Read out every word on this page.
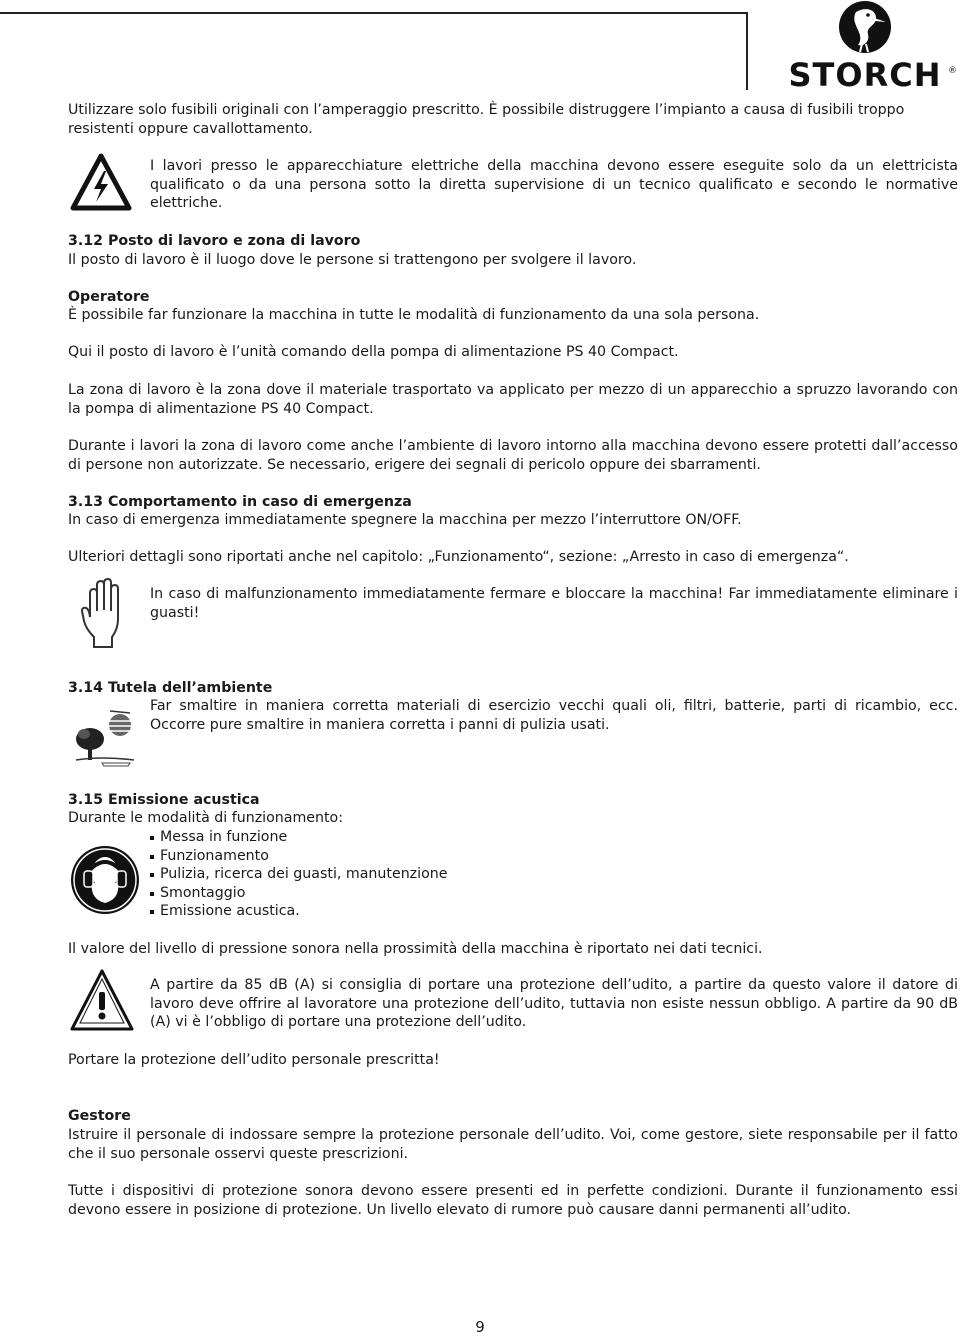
STORCH ®

Utilizzare solo fusibili originali con l’amperaggio prescritto. È possibile distruggere l’impianto a causa di fusibili troppo resistenti oppure cavallottamento.

I lavori presso le apparecchiature elettriche della macchina devono essere eseguite solo da un elettricista qualificato o da una persona sotto la diretta supervisione di un tecnico qualificato e secondo le normative elettriche.

3.12 Posto di lavoro e zona di lavoro

Il posto di lavoro è il luogo dove le persone si trattengono per svolgere il lavoro.

Operatore

È possibile far funzionare la macchina in tutte le modalità di funzionamento da una sola persona.

Qui il posto di lavoro è l’unità comando della pompa di alimentazione PS 40 Compact.

La zona di lavoro è la zona dove il materiale trasportato va applicato per mezzo di un apparecchio a spruzzo lavorando con la pompa di alimentazione PS 40 Compact.

Durante i lavori la zona di lavoro come anche l’ambiente di lavoro intorno alla macchina devono essere protetti dall’accesso di persone non autorizzate. Se necessario, erigere dei segnali di pericolo oppure dei sbarramenti.

3.13 Comportamento in caso di emergenza

In caso di emergenza immediatamente spegnere la macchina per mezzo l’interruttore ON/OFF.

Ulteriori dettagli sono riportati anche nel capitolo: „Funzionamento“, sezione: „Arresto in caso di emergenza“.

In caso di malfunzionamento immediatamente fermare e bloccare la macchina! Far immediatamente eliminare i guasti!

3.14 Tutela dell’ambiente

Far smaltire in maniera corretta materiali di esercizio vecchi quali oli, filtri, batterie, parti di ricambio, ecc. Occorre pure smaltire in maniera corretta i panni di pulizia usati.

3.15 Emissione acustica

Durante le modalità di funzionamento:

Messa in funzione
Funzionamento
Pulizia, ricerca dei guasti, manutenzione
Smontaggio
Emissione acustica.

Il valore del livello di pressione sonora nella prossimità della macchina è riportato nei dati tecnici.

A partire da 85 dB (A) si consiglia di portare una protezione dell’udito, a partire da questo valore il datore di lavoro deve offrire al lavoratore una protezione dell’udito, tuttavia non esiste nessun obbligo. A partire da 90 dB (A) vi è l’obbligo di portare una protezione dell’udito.

Portare la protezione dell’udito personale prescritta!

Gestore

Istruire il personale di indossare sempre la protezione personale dell’udito. Voi, come gestore, siete responsabile per il fatto che il suo personale osservi queste prescrizioni.

Tutte i dispositivi di protezione sonora devono essere presenti ed in perfette condizioni. Durante il funzionamento essi devono essere in posizione di protezione. Un livello elevato di rumore può causare danni permanenti all’udito.

9
